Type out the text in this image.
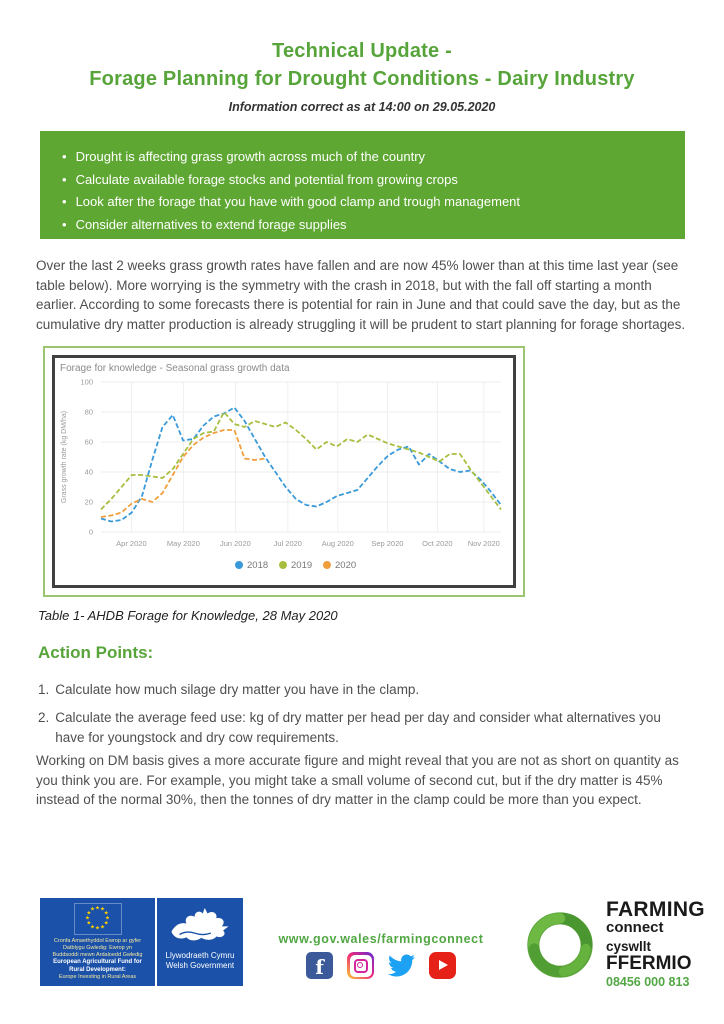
Technical Update -
Forage Planning for Drought Conditions - Dairy Industry
Information correct as at 14:00 on 29.05.2020
• Drought is affecting grass growth across much of the country
• Calculate available forage stocks and potential from growing crops
• Look after the forage that you have with good clamp and trough management
• Consider alternatives to extend forage supplies
Over the last 2 weeks grass growth rates have fallen and are now 45% lower than at this time last year (see table below). More worrying is the symmetry with the crash in 2018, but with the fall off starting a month earlier. According to some forecasts there is potential for rain in June and that could save the day, but as the cumulative dry matter production is already struggling it will be prudent to start planning for forage shortages.
0
20
40
60
80
100
Apr 2020	May 2020	Jun 2020	Jul 2020	Aug 2020 Sep 2020 Oct 2020 Nov 2020
2018 2019 2020
Forage for knowledge - Seasonal grass growth data
Grass growth rate (kg DM/ha)
Table 1- AHDB Forage for Knowledge, 28 May 2020
Action Points:
1. Calculate how much silage dry matter you have in the clamp.
2. Calculate the average feed use: kg of dry matter per head per day and consider what alternatives you have for youngstock and dry cow requirements.
Working on DM basis gives a more accurate figure and might reveal that you are not as short on quantity as you think you are. For example, you might take a small volume of second cut, but if the dry matter is 45% instead of the normal 30%, then the tonnes of dry matter in the clamp could be more than you expect.
★ ★
★
★
★
★
★
★
★
★
★
★
Cronfa Amaethyddol Ewrop ar gyfer
Datblygu Gwledig: Ewrop yn
Buddsoddi mewn Ardaloedd Gwledig
European Agricultural Fund for
Rural Development:
Europe Investing in Rural Areas
Llywodraeth Cymru
Welsh Government
www.gov.wales/farmingconnect
f
FARMING
connect
cyswllt
FFERMIO
08456 000 813
